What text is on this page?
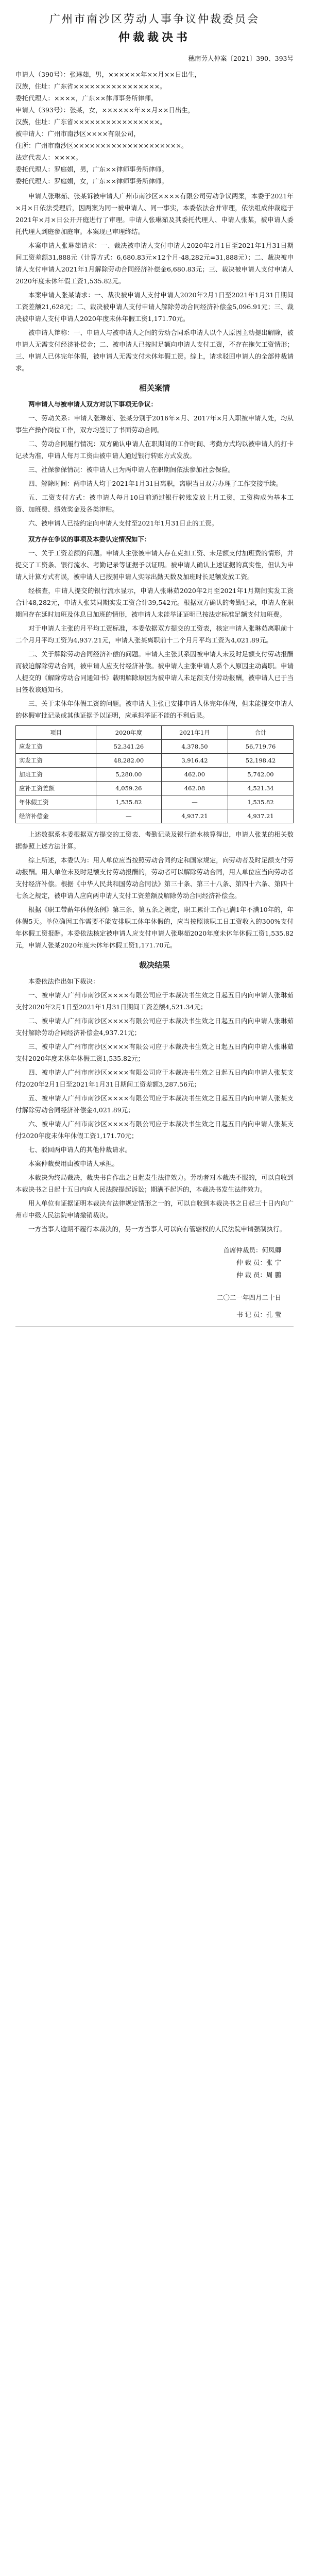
广州市南沙区劳动人事争议仲裁委员会
仲裁裁决书
穗南劳人仲案〔2021〕390、393号

申请人（390号）：张琳茹，男，××××××年××月××日出生，

汉族，住址：广东省××××××××××××××××。

委托代理人：××××，广东××律师事务所律师。

申请人（393号）：张某，女，××××××年××月××日出生，

汉族，住址：广东省××××××××××××××××。

被申请人：广州市南沙区××××有限公司，

住所：广州市南沙区××××××××××××××××××××。

法定代表人：××××。

委托代理人：罗庭娟，男，广东××律师事务所律师。

委托代理人：罗庭娟，女，广东××律师事务所律师。

申请人张琳茹、张某诉被申请人广州市南沙区××××有限公司劳动争议两案，本委于2021年×月×日依法受理后，因两案为同一被申请人、同一事实，本委依法合并审理，依法组成仲裁庭于2021年×月×日公开开庭进行了审理。申请人张琳茹及其委托代理人、申请人张某，被申请人委托代理人到庭参加庭审。本案现已审理终结。

本案申请人张琳茹请求：一、裁决被申请人支付申请人2020年2月1日至2021年1月31日期间工资差额31,888元（计算方式：6,680.83元×12个月-48,282元=31,888元）；二、裁决被申请人支付申请人2021年1月解除劳动合同经济补偿金6,680.83元；三、裁决被申请人支付申请人2020年度未休年假工资1,535.82元。

本案申请人张某请求：一、裁决被申请人支付申请人2020年2月1日至2021年1月31日期间工资差额21,628元；二、裁决被申请人支付申请人解除劳动合同经济补偿金5,096.91元；三、裁决被申请人支付申请人2020年度未休年假工资1,171.70元。

被申请人辩称：一、申请人与被申请人之间的劳动合同系申请人以个人原因主动提出解除，被申请人无需支付经济补偿金；二、被申请人已按时足额向申请人支付工资，不存在拖欠工资情形；三、申请人已休完年休假，被申请人无需支付未休年假工资。综上，请求驳回申请人的全部仲裁请求。

相关案情
两申请人与被申请人双方对以下事项无争议：

一、劳动关系：申请人张琳茹、张某分别于2016年×月、2017年×月入职被申请人处，均从事生产操作岗位工作，双方均签订了书面劳动合同。

二、劳动合同履行情况：双方确认申请人在职期间的工作时间、考勤方式均以被申请人的打卡记录为准，申请人每月工资由被申请人通过银行转账方式发放。

三、社保参保情况：被申请人已为两申请人在职期间依法参加社会保险。

四、解除时间：两申请人均于2021年1月31日离职，离职当日双方办理了工作交接手续。

五、工资支付方式：被申请人每月10日前通过银行转账发放上月工资，工资构成为基本工资、加班费、绩效奖金及各类津贴。

六、被申请人已按约定向申请人支付至2021年1月31日止的工资。

双方存在争议的事项及本委认定情况如下：

一、关于工资差额的问题。申请人主张被申请人存在克扣工资、未足额支付加班费的情形，并提交了工资条、银行流水、考勤记录等证据予以证明。被申请人确认上述证据的真实性，但认为申请人计算方式有误，被申请人已按照申请人实际出勤天数及加班时长足额发放工资。

经核查，申请人提交的银行流水显示，申请人张琳茹2020年2月至2021年1月期间实发工资合计48,282元，申请人张某同期实发工资合计39,542元。根据双方确认的考勤记录，申请人在职期间存在延时加班及休息日加班的情形，被申请人未能举证证明已按法定标准足额支付加班费。

对于申请人主张的月平均工资标准，本委依据双方提交的工资表，核定申请人张琳茹离职前十二个月月平均工资为4,937.21元，申请人张某离职前十二个月月平均工资为4,021.89元。

二、关于解除劳动合同经济补偿的问题。申请人主张其系因被申请人未及时足额支付劳动报酬而被迫解除劳动合同，被申请人应支付经济补偿。被申请人主张申请人系个人原因主动离职。申请人提交的《解除劳动合同通知书》载明解除原因为被申请人未足额支付劳动报酬，被申请人已于当日签收该通知书。

三、关于未休年休假工资的问题。被申请人主张已安排申请人休完年休假，但未能提交申请人的休假审批记录或其他证据予以证明，应承担举证不能的不利后果。

项目	2020年度	2021年1月	合计
应发工资	52,341.26	4,378.50	56,719.76
实发工资	48,282.00	3,916.42	52,198.42
加班工资	5,280.00	462.00	5,742.00
应补工资差额	4,059.26	462.08	4,521.34
年休假工资	1,535.82	—	1,535.82
经济补偿金	—	4,937.21	4,937.21

上述数据系本委根据双方提交的工资表、考勤记录及银行流水核算得出，申请人张某的相关数据参照上述方法计算。

综上所述，本委认为：用人单位应当按照劳动合同约定和国家规定，向劳动者及时足额支付劳动报酬。用人单位未及时足额支付劳动报酬的，劳动者可以解除劳动合同，用人单位应当向劳动者支付经济补偿。根据《中华人民共和国劳动合同法》第三十条、第三十八条、第四十六条、第四十七条之规定，被申请人应向两申请人支付工资差额及解除劳动合同经济补偿金。

根据《职工带薪年休假条例》第三条、第五条之规定，职工累计工作已满1年不满10年的，年休假5天。单位确因工作需要不能安排职工休年休假的，应当按照该职工日工资收入的300%支付年休假工资报酬。本委依法核定被申请人应支付申请人张琳茹2020年度未休年休假工资1,535.82元，申请人张某2020年度未休年休假工资1,171.70元。

裁决结果

本委依法作出如下裁决：

一、被申请人广州市南沙区××××有限公司应于本裁决书生效之日起五日内向申请人张琳茹支付2020年2月1日至2021年1月31日期间工资差额4,521.34元；

二、被申请人广州市南沙区××××有限公司应于本裁决书生效之日起五日内向申请人张琳茹支付解除劳动合同经济补偿金4,937.21元；

三、被申请人广州市南沙区××××有限公司应于本裁决书生效之日起五日内向申请人张琳茹支付2020年度未休年休假工资1,535.82元；

四、被申请人广州市南沙区××××有限公司应于本裁决书生效之日起五日内向申请人张某支付2020年2月1日至2021年1月31日期间工资差额3,287.56元；

五、被申请人广州市南沙区××××有限公司应于本裁决书生效之日起五日内向申请人张某支付解除劳动合同经济补偿金4,021.89元；

六、被申请人广州市南沙区××××有限公司应于本裁决书生效之日起五日内向申请人张某支付2020年度未休年休假工资1,171.70元；

七、驳回两申请人的其他仲裁请求。

本案仲裁费用由被申请人承担。

本裁决为终局裁决，裁决书自作出之日起发生法律效力。劳动者对本裁决不服的，可以自收到本裁决书之日起十五日内向人民法院提起诉讼；期满不起诉的，本裁决书发生法律效力。

用人单位有证据证明本裁决有法律规定情形之一的，可以自收到本裁决书之日起三十日内向广州市中级人民法院申请撤销裁决。

一方当事人逾期不履行本裁决的，另一方当事人可以向有管辖权的人民法院申请强制执行。

首席仲裁员：何凤卿
仲 裁 员：张 宁
仲 裁 员：周 鹏
二〇二一年四月二十日
书 记 员：孔 莹
